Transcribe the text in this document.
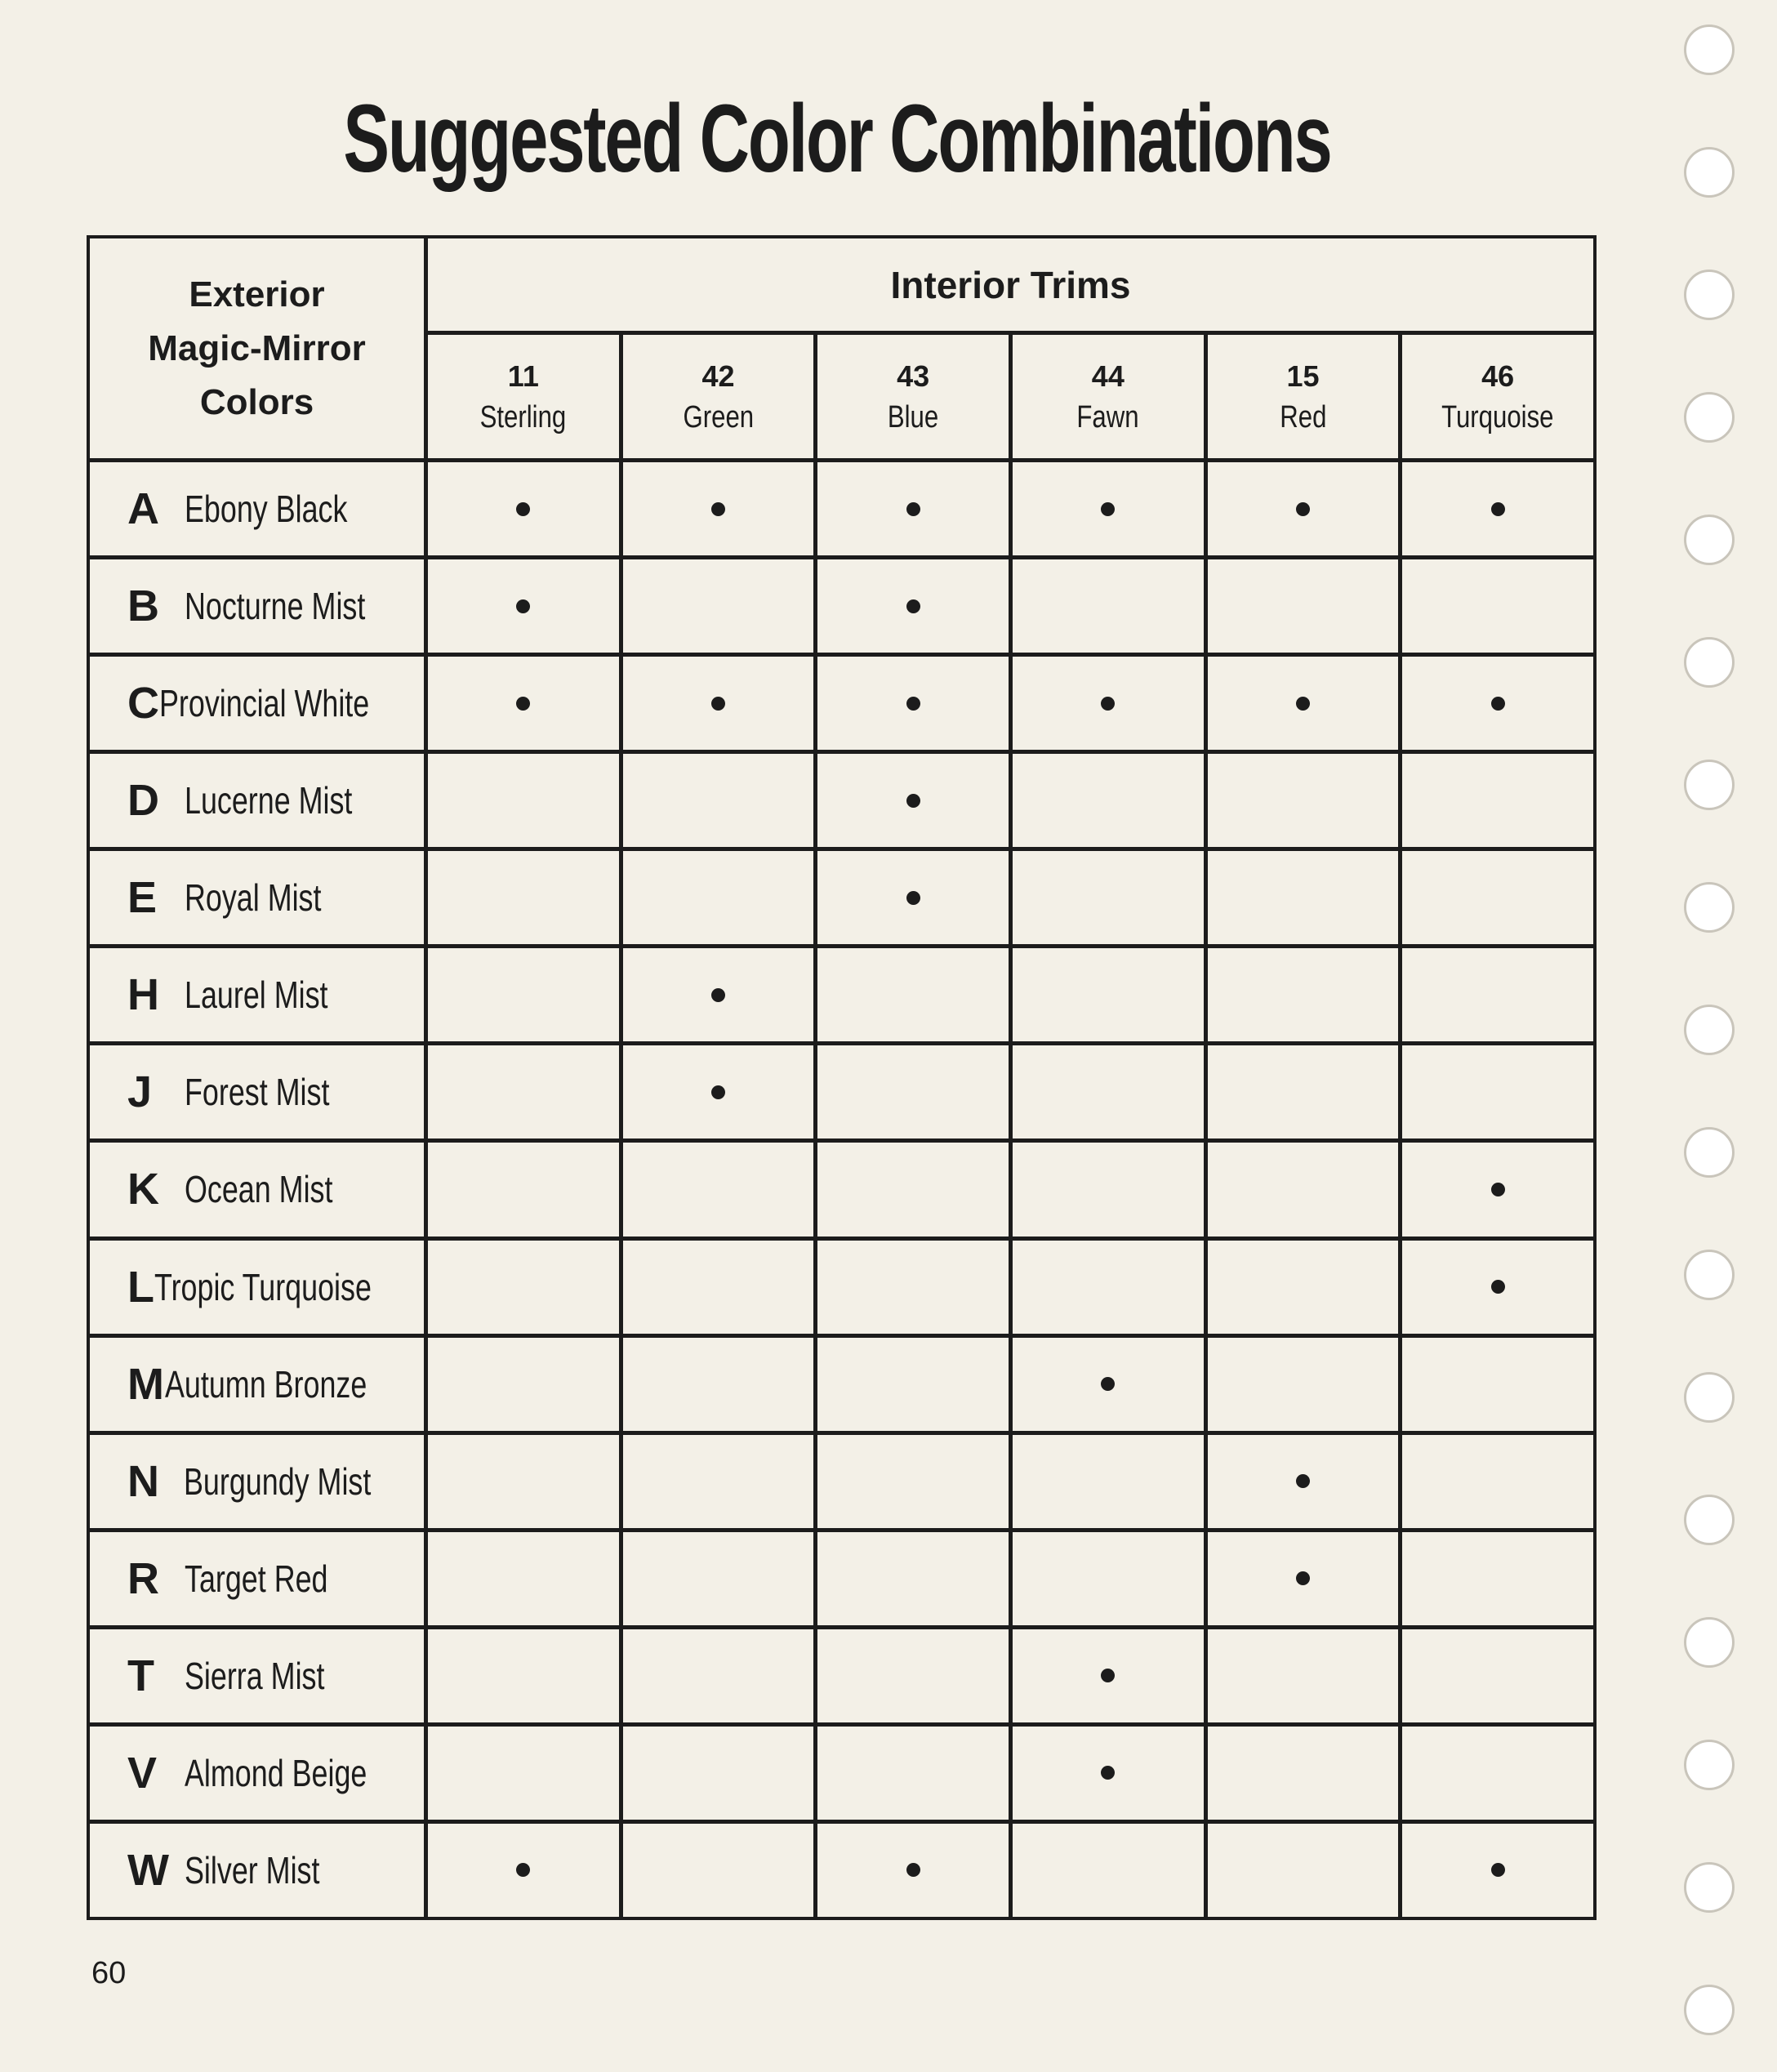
Suggested Color Combinations
Exterior
Magic-Mirror
Colors
Interior Trims
11
Sterling
42
Green
43
Blue
44
Fawn
15
Red
46
Turquoise
A Ebony Black
B Nocturne Mist
C Provincial White
D Lucerne Mist
E Royal Mist
H Laurel Mist
J Forest Mist
K Ocean Mist
L Tropic Turquoise
M Autumn Bronze
N Burgundy Mist
R Target Red
T Sierra Mist
V Almond Beige
W Silver Mist
60
